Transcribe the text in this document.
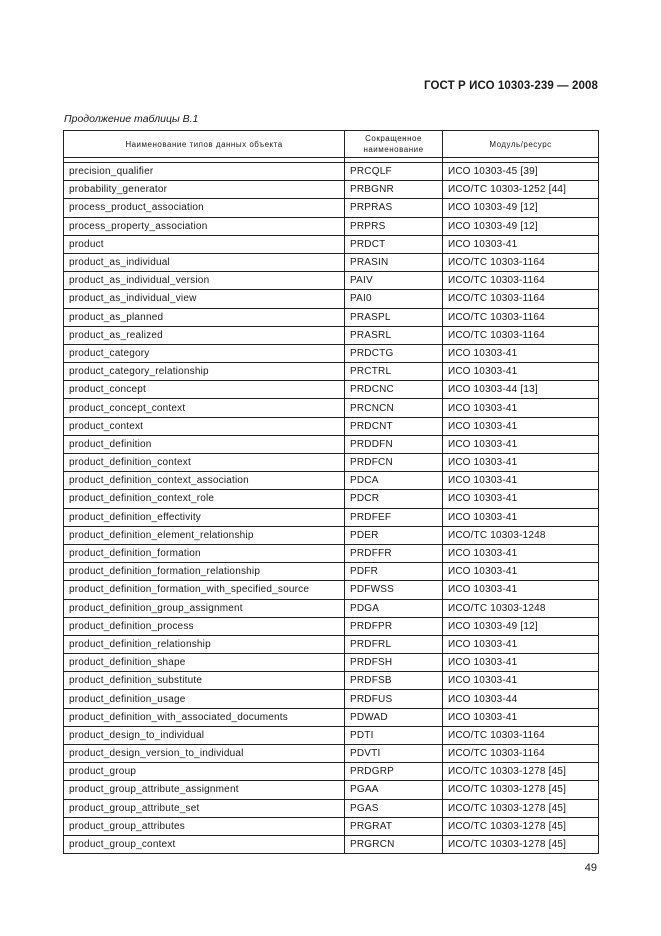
ГОСТ Р ИСО 10303-239 — 2008
Продолжение таблицы В.1
Наименование типов данных объекта	Сокращенное наименование	Модуль/ресурс

precision_qualifier	PRCQLF	ИСО 10303-45 [39]
probability_generator	PRBGNR	ИСО/ТС 10303-1252 [44]
process_product_association	PRPRAS	ИСО 10303-49 [12]
process_property_association	PRPRS	ИСО 10303-49 [12]
product	PRDCT	ИСО 10303-41
product_as_individual	PRASIN	ИСО/ТС 10303-1164
product_as_individual_version	PAIV	ИСО/ТС 10303-1164
product_as_individual_view	PAI0	ИСО/ТС 10303-1164
product_as_planned	PRASPL	ИСО/ТС 10303-1164
product_as_realized	PRASRL	ИСО/ТС 10303-1164
product_category	PRDCTG	ИСО 10303-41
product_category_relationship	PRCTRL	ИСО 10303-41
product_concept	PRDCNC	ИСО 10303-44 [13]
product_concept_context	PRCNCN	ИСО 10303-41
product_context	PRDCNT	ИСО 10303-41
product_definition	PRDDFN	ИСО 10303-41
product_definition_context	PRDFCN	ИСО 10303-41
product_definition_context_association	PDCA	ИСО 10303-41
product_definition_context_role	PDCR	ИСО 10303-41
product_definition_effectivity	PRDFEF	ИСО 10303-41
product_definition_element_relationship	PDER	ИСО/ТС 10303-1248
product_definition_formation	PRDFFR	ИСО 10303-41
product_definition_formation_relationship	PDFR	ИСО 10303-41
product_definition_formation_with_specified_source	PDFWSS	ИСО 10303-41
product_definition_group_assignment	PDGA	ИСО/ТС 10303-1248
product_definition_process	PRDFPR	ИСО 10303-49 [12]
product_definition_relationship	PRDFRL	ИСО 10303-41
product_definition_shape	PRDFSH	ИСО 10303-41
product_definition_substitute	PRDFSB	ИСО 10303-41
product_definition_usage	PRDFUS	ИСО 10303-44
product_definition_with_associated_documents	PDWAD	ИСО 10303-41
product_design_to_individual	PDTI	ИСО/ТС 10303-1164
product_design_version_to_individual	PDVTI	ИСО/ТС 10303-1164
product_group	PRDGRP	ИСО/ТС 10303-1278 [45]
product_group_attribute_assignment	PGAA	ИСО/ТС 10303-1278 [45]
product_group_attribute_set	PGAS	ИСО/ТС 10303-1278 [45]
product_group_attributes	PRGRAT	ИСО/ТС 10303-1278 [45]
product_group_context	PRGRCN	ИСО/ТС 10303-1278 [45]
49
